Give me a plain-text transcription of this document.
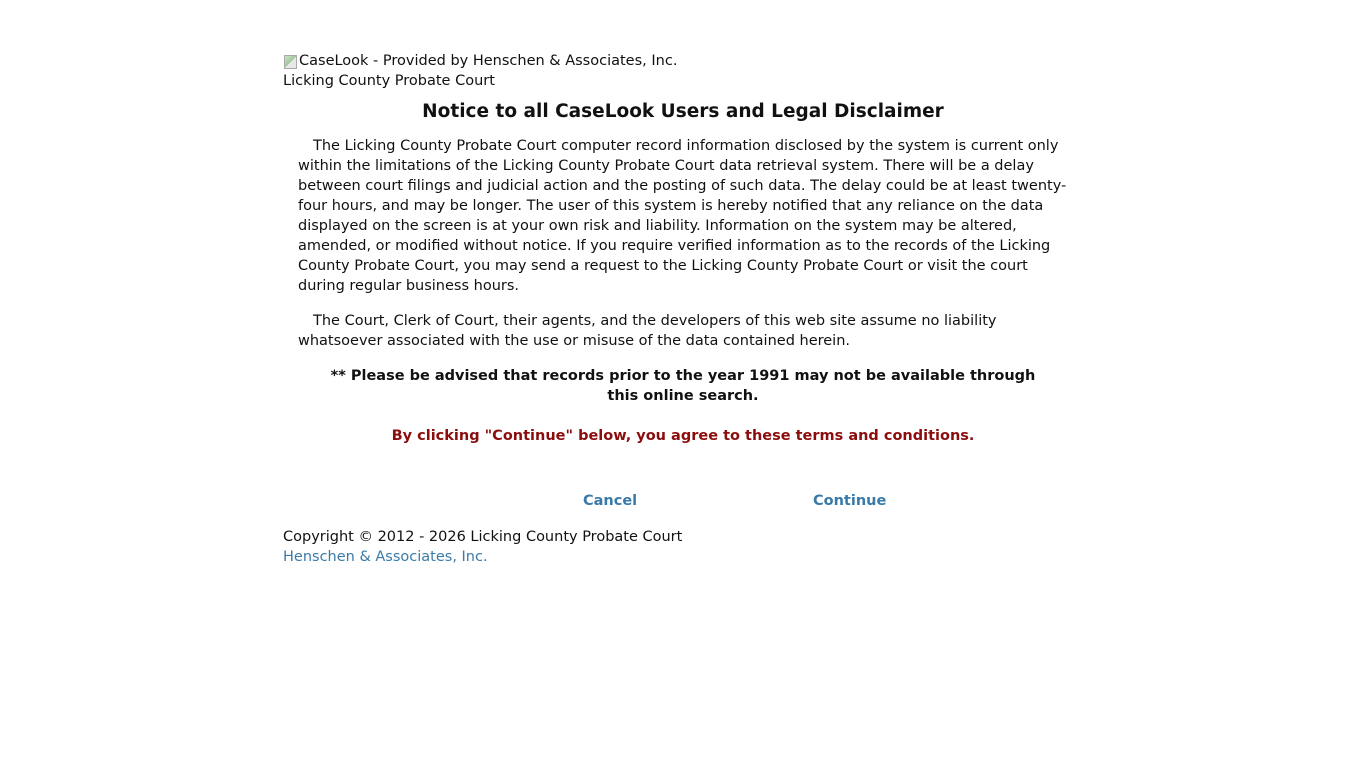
CaseLook - Provided by Henschen & Associates, Inc.
Licking County Probate Court
Notice to all CaseLook Users and Legal Disclaimer

The Licking County Probate Court computer record information disclosed by the system is current only within the limitations of the Licking County Probate Court data retrieval system. There will be a delay between court filings and judicial action and the posting of such data. The delay could be at least twenty-four hours, and may be longer. The user of this system is hereby notified that any reliance on the data displayed on the screen is at your own risk and liability. Information on the system may be altered, amended, or modified without notice. If you require verified information as to the records of the Licking County Probate Court, you may send a request to the Licking County Probate Court or visit the court during regular business hours.

The Court, Clerk of Court, their agents, and the developers of this web site assume no liability whatsoever associated with the use or misuse of the data contained herein.

** Please be advised that records prior to the year 1991 may not be available through this online search.
By clicking "Continue" below, you agree to these terms and conditions.
Cancel	Continue
Copyright © 2012 - 2026 Licking County Probate Court
Henschen & Associates, Inc.
